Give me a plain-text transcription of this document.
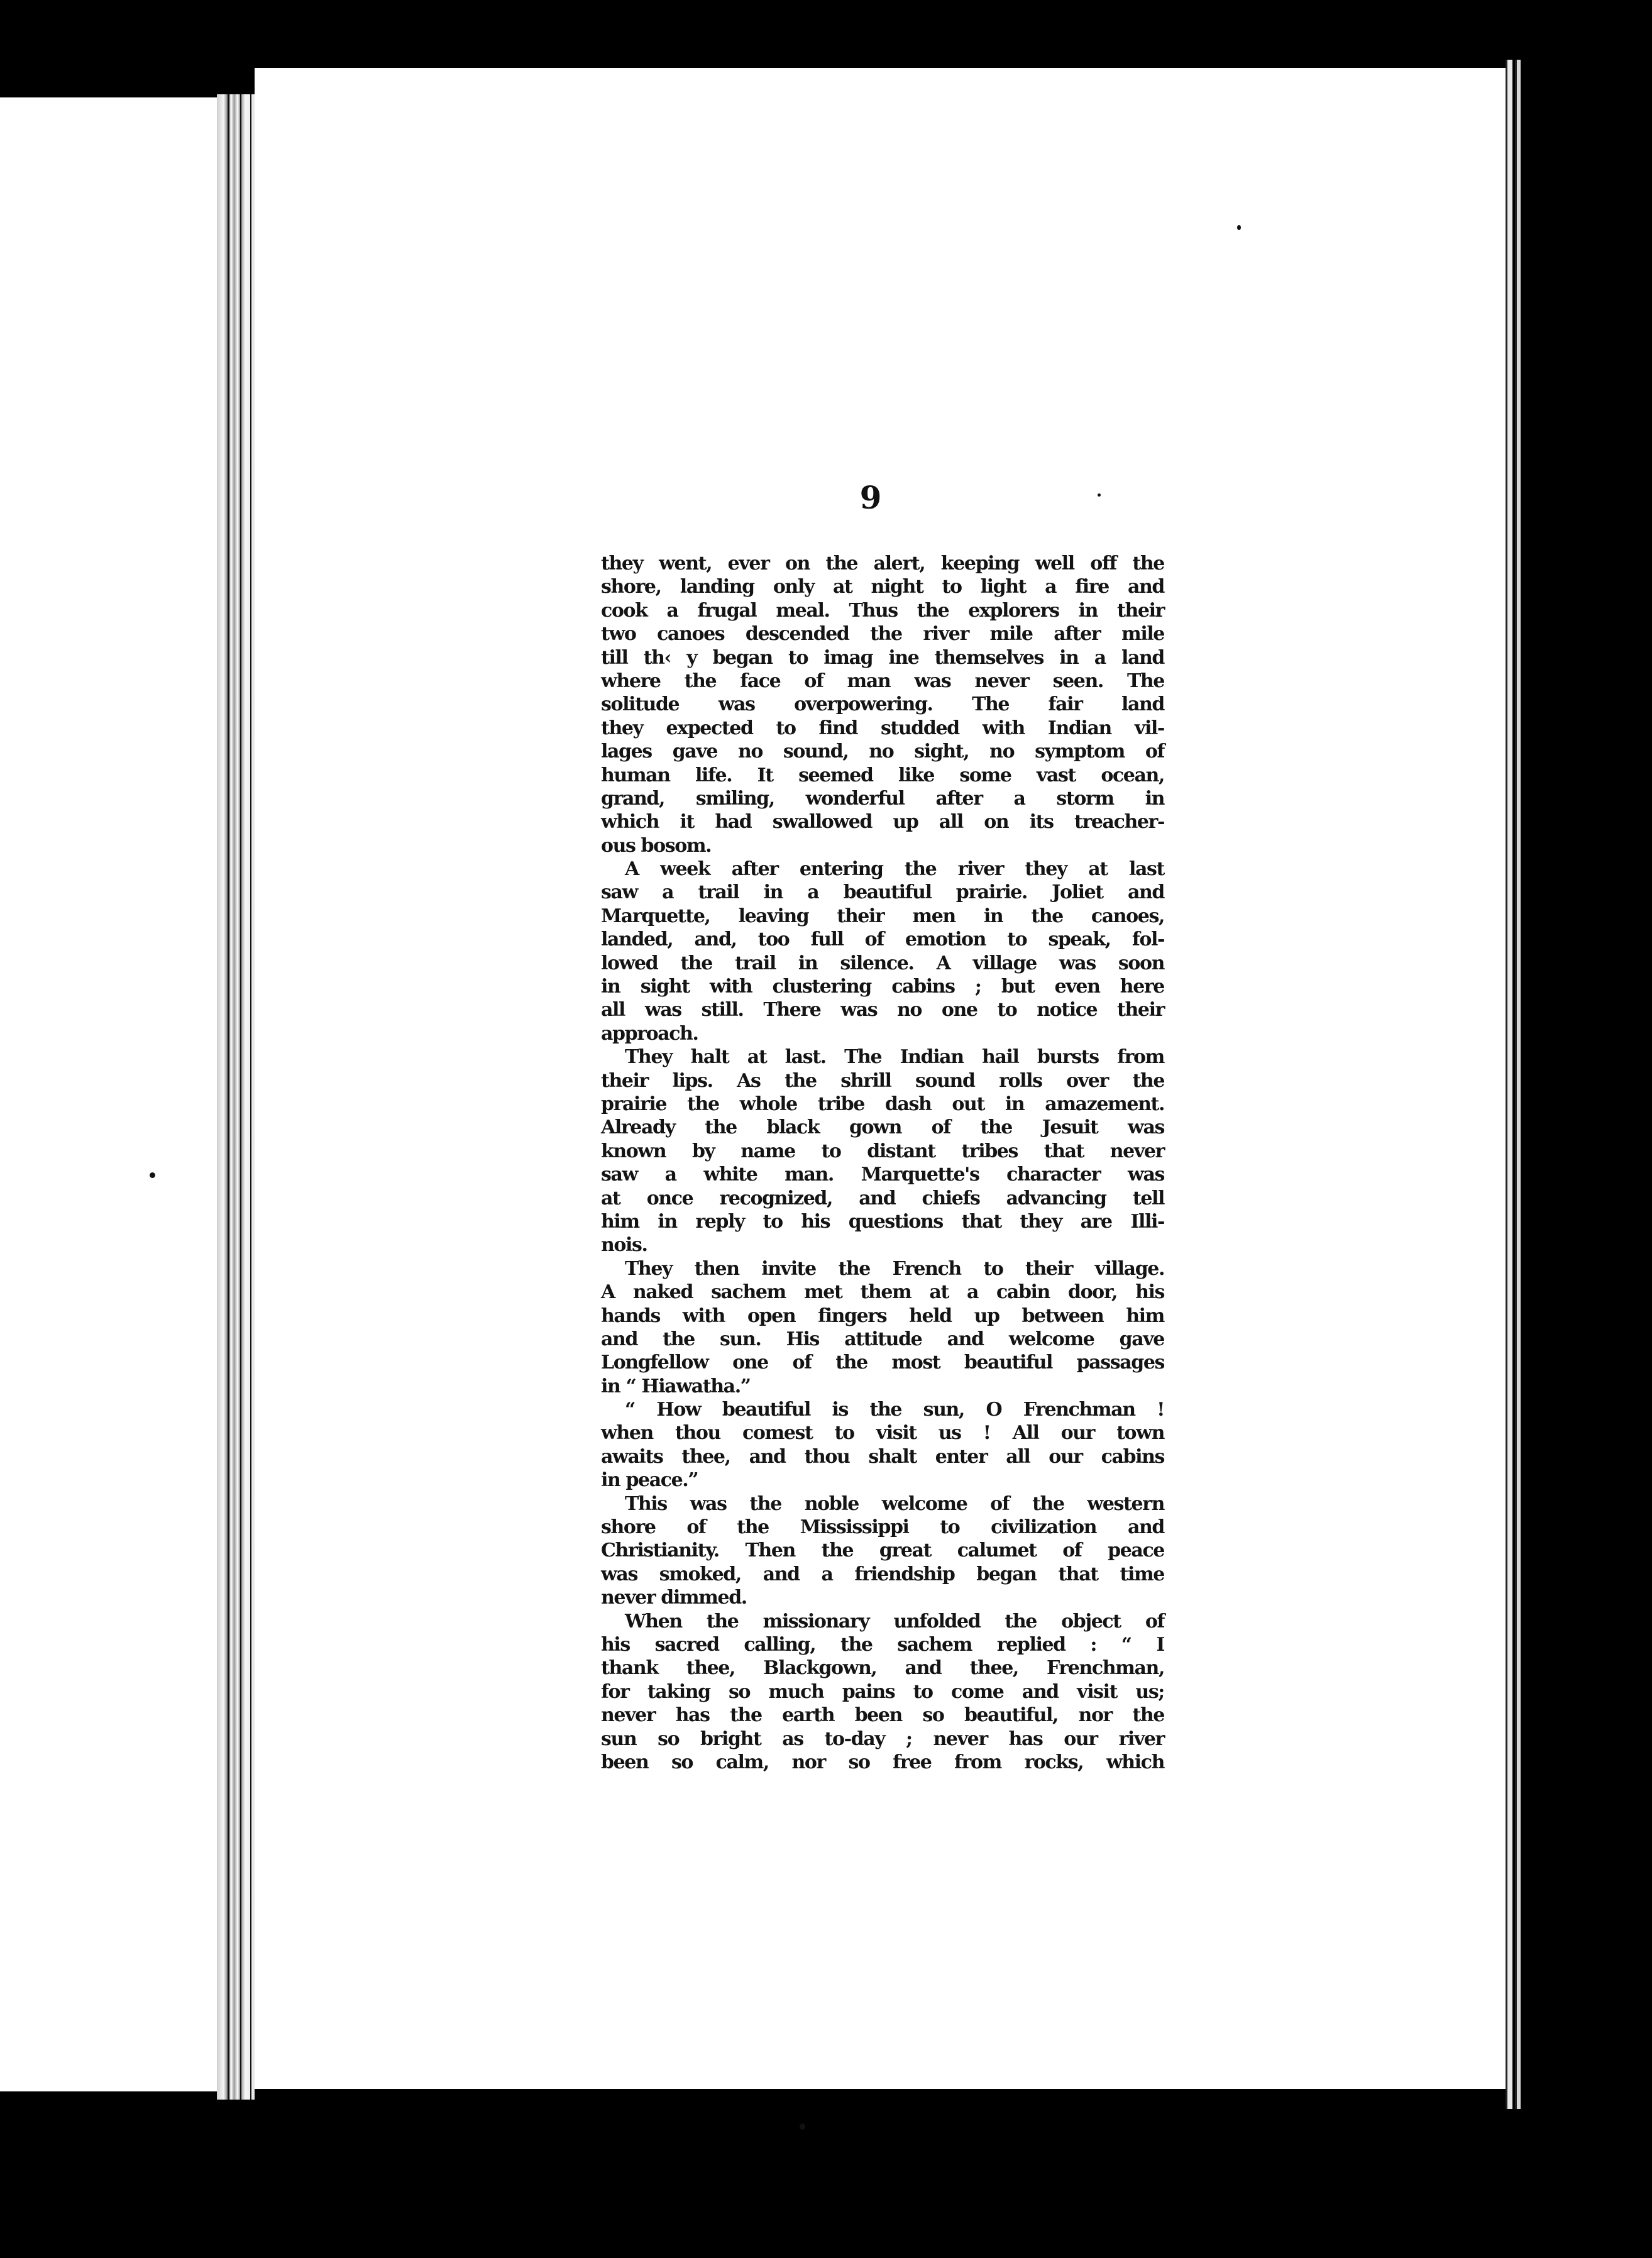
9
they went, ever on the alert, keeping well off the
shore, landing only at night to light a fire and
cook a frugal meal. Thus the explorers in their
two canoes descended the river mile after mile
till th‹ y began to imaɡ ine themselves in a land
where the face of man was never seen. The
solitude was overpowering. The fair land
they expected to find studded with Indian vil-
lages gave no sound, no sight, no symptom of
human life. It seemed like some vast ocean,
grand, smiling, wonderful after a storm in
which it had swallowed up all on its treacher-
ous bosom.
A week after entering the river they at last
saw a trail in a beautiful prairie. Joliet and
Marquette, leaving their men in the canoes,
landed, and, too full of emotion to speak, fol-
lowed the trail in silence. A village was soon
in sight with clustering cabins ; but even here
all was still. There was no one to notice their
approach.
They halt at last. The Indian hail bursts from
their lips. As the shrill sound rolls over the
prairie the whole tribe dash out in amazement.
Already the black gown of the Jesuit was
known by name to distant tribes that never
saw a white man. Marquette's character was
at once recognized, and chiefs advancing tell
him in reply to his questions that they are Illi-
nois.
They then invite the French to their village.
A naked sachem met them at a cabin door, his
hands with open fingers held up between him
and the sun. His attitude and welcome gave
Longfellow one of the most beautiful passages
in “ Hiawatha.”
“ How beautiful is the sun, O Frenchman !
when thou comest to visit us ! All our town
awaits thee, and thou shalt enter all our cabins
in peace.”
This was the noble welcome of the western
shore of the Mississippi to civilization and
Christianity. Then the great calumet of peace
was smoked, and a friendship began that time
never dimmed.
When the missionary unfolded the object of
his sacred calling, the sachem replied : “ I
thank thee, Blackgown, and thee, Frenchman,
for taking so much pains to come and visit us;
never has the earth been so beautiful, nor the
sun so bright as to-day ; never has our river
been so calm, nor so free from rocks, which
